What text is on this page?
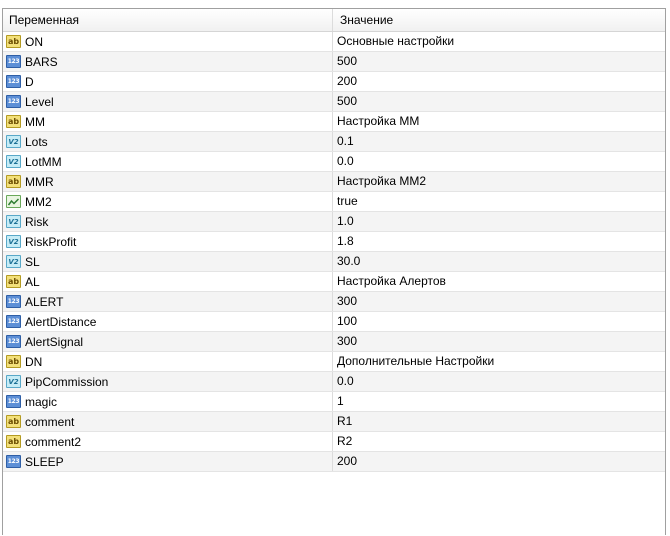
Переменная	Значение
ab ON	Основные настройки
123 BARS	500
123 D	200
123 Level	500
ab MM	Настройка MM
V2 Lots	0.1
V2 LotMM	0.0
ab MMR	Настройка MM2
MM2	true
V2 Risk	1.0
V2 RiskProfit	1.8
V2 SL	30.0
ab AL	Настройка Алертов
123 ALERT	300
123 AlertDistance	100
123 AlertSignal	300
ab DN	Дополнительные Настройки
V2 PipCommission	0.0
123 magic	1
ab comment	R1
ab comment2	R2
123 SLEEP	200
